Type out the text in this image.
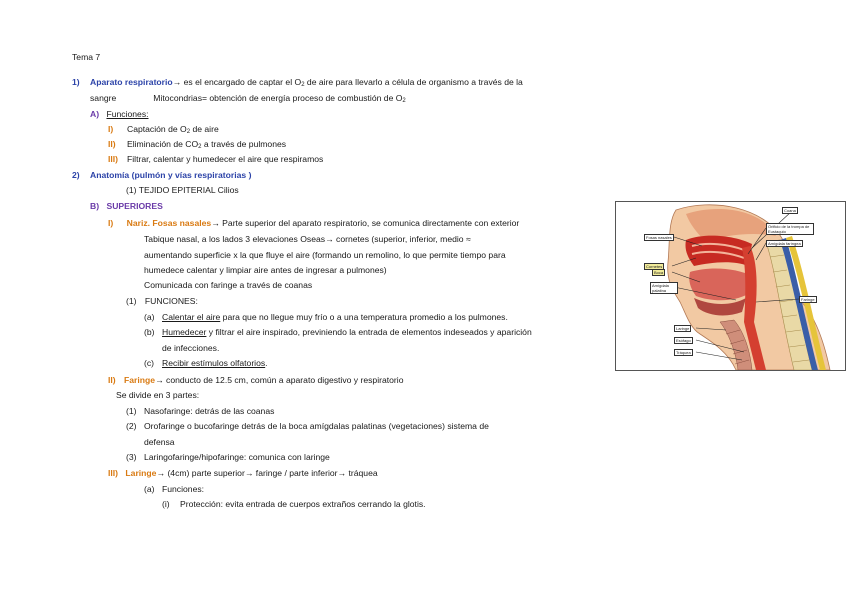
Tema 7
1) Aparato respiratorio→ es el encargado de captar el $O_2$ de aire para llevarlo a célula de organismo a través de la
sangre	Mitocondrias= obtención de energía proceso de combustión de $O_2$
A) Funciones:
I) Captación de $O_2$ de aire
II) Eliminación de $CO_2$ a través de pulmones
III) Filtrar, calentar y humedecer el aire que respiramos
2) Anatomía (pulmón y vías respiratorias )
(1) TEJIDO EPITERIAL Cilios
B) SUPERIORES
I) Nariz. Fosas nasales→ Parte superior del aparato respiratorio, se comunica directamente con exterior
Tabique nasal, a los lados 3 elevaciones Oseas→ cornetes (superior, inferior, medio ≈
aumentando superficie x la que fluye el aire (formando un remolino, lo que permite tiempo para
humedece calentar y limpiar aire antes de ingresar a pulmones)
Comunicada con faringe a través de coanas
(1) FUNCIONES:
(a) Calentar el aire para que no llegue muy frío o a una temperatura promedio a los pulmones.
(b) Humedecer y filtrar el aire inspirado, previniendo la entrada de elementos indeseados y aparición
de infecciones.
(c) Recibir estímulos olfatorios.
II) Faringe→ conducto de 12.5 cm, común a aparato digestivo y respiratorio
Se divide en 3 partes:
(1) Nasofaringe: detrás de las coanas
(2) Orofaringe o bucofaringe detrás de la boca amígdalas palatinas (vegetaciones) sistema de
defensa
(3) Laringofaringe/hipofaringe: comunica con laringe
III) Laringe→ (4cm) parte superior→ faringe / parte inferior→ tráquea
(a) Funciones:
(i) Protección: evita entrada de cuerpos extraños cerrando la glotis.
Coana
Orificio de la trompa de Eustaquio
Fosas nasales
Amígdala faríngea
Cornetes
Boca
Amígdala palatina
Faringe
Laringe
Esófago
Tráquea
